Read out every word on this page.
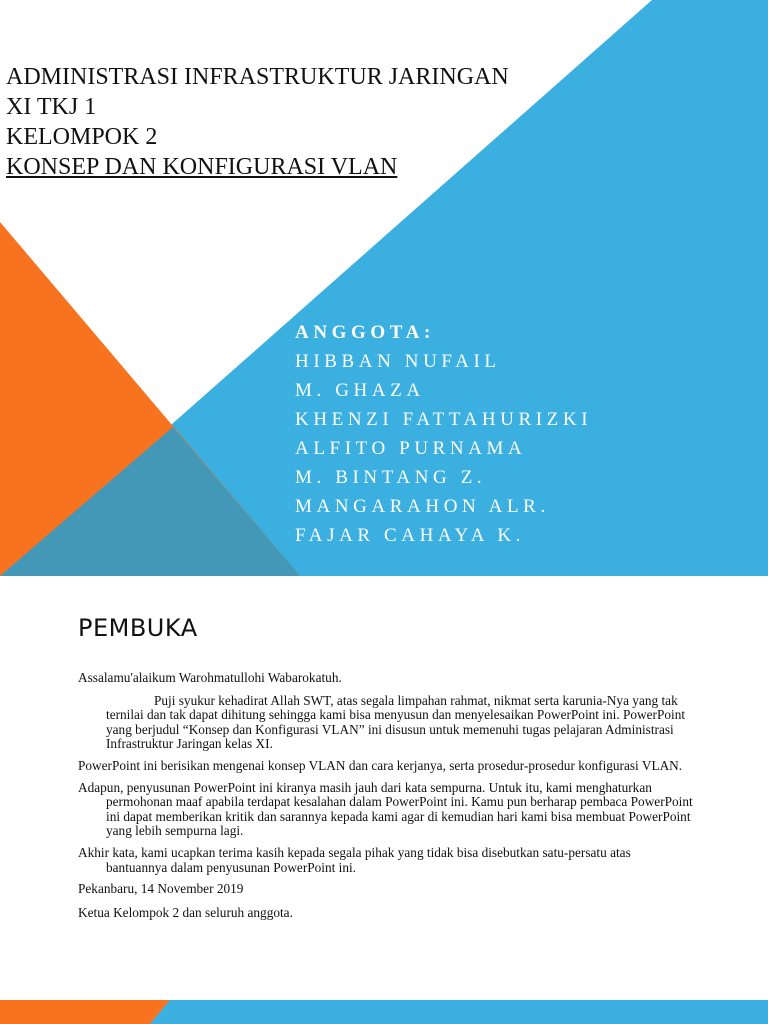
ADMINISTRASI INFRASTRUKTUR JARINGAN
XI TKJ 1
KELOMPOK 2
KONSEP DAN KONFIGURASI VLAN
ANGGOTA:
HIBBAN NUFAIL
M. GHAZA
KHENZI FATTAHURIZKI
ALFITO PURNAMA
M. BINTANG Z.
MANGARAHON ALR.
FAJAR CAHAYA K.
PEMBUKA

Assalamu'alaikum Warohmatullohi Wabarokatuh.

Puji syukur kehadirat Allah SWT, atas segala limpahan rahmat, nikmat serta karunia-Nya yang tak ternilai dan tak dapat dihitung sehingga kami bisa menyusun dan menyelesaikan PowerPoint ini. PowerPoint yang berjudul “Konsep dan Konfigurasi VLAN” ini disusun untuk memenuhi tugas pelajaran Administrasi Infrastruktur Jaringan kelas XI.

PowerPoint ini berisikan mengenai konsep VLAN dan cara kerjanya, serta prosedur-prosedur konfigurasi VLAN.

Adapun, penyusunan PowerPoint ini kiranya masih jauh dari kata sempurna. Untuk itu, kami menghaturkan permohonan maaf apabila terdapat kesalahan dalam PowerPoint ini. Kamu pun berharap pembaca PowerPoint ini dapat memberikan kritik dan sarannya kepada kami agar di kemudian hari kami bisa membuat PowerPoint yang lebih sempurna lagi.

Akhir kata, kami ucapkan terima kasih kepada segala pihak yang tidak bisa disebutkan satu-persatu atas bantuannya dalam penyusunan PowerPoint ini.

Pekanbaru, 14 November 2019

Ketua Kelompok 2 dan seluruh anggota.
